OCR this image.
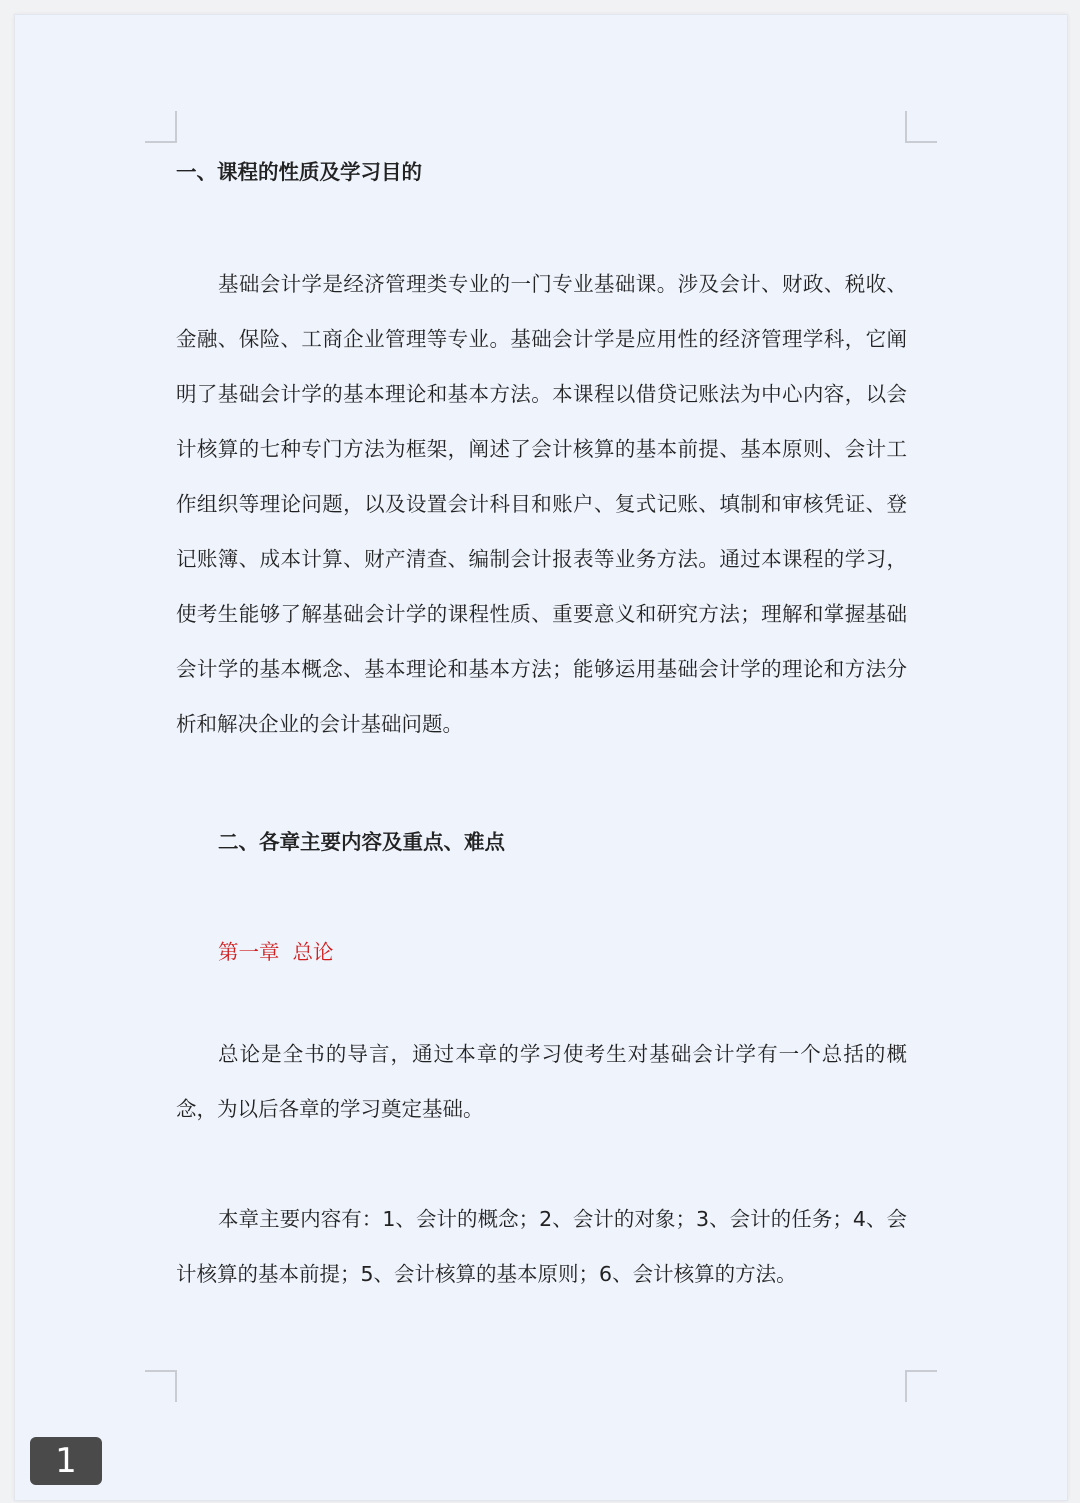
一、课程的性质及学习目的

基础会计学是经济管理类专业的一门专业基础课。涉及会计、财政、税收、金融、保险、工商企业管理等专业。基础会计学是应用性的经济管理学科，它阐明了基础会计学的基本理论和基本方法。本课程以借贷记账法为中心内容，以会计核算的七种专门方法为框架，阐述了会计核算的基本前提、基本原则、会计工作组织等理论问题，以及设置会计科目和账户、复式记账、填制和审核凭证、登记账簿、成本计算、财产清查、编制会计报表等业务方法。通过本课程的学习，使考生能够了解基础会计学的课程性质、重要意义和研究方法；理解和掌握基础会计学的基本概念、基本理论和基本方法；能够运用基础会计学的理论和方法分析和解决企业的会计基础问题。

二、各章主要内容及重点、难点
第一章  总论

总论是全书的导言，通过本章的学习使考生对基础会计学有一个总括的概念，为以后各章的学习奠定基础。

本章主要内容有：1、会计的概念；2、会计的对象；3、会计的任务；4、会计核算的基本前提；5、会计核算的基本原则；6、会计核算的方法。

1
